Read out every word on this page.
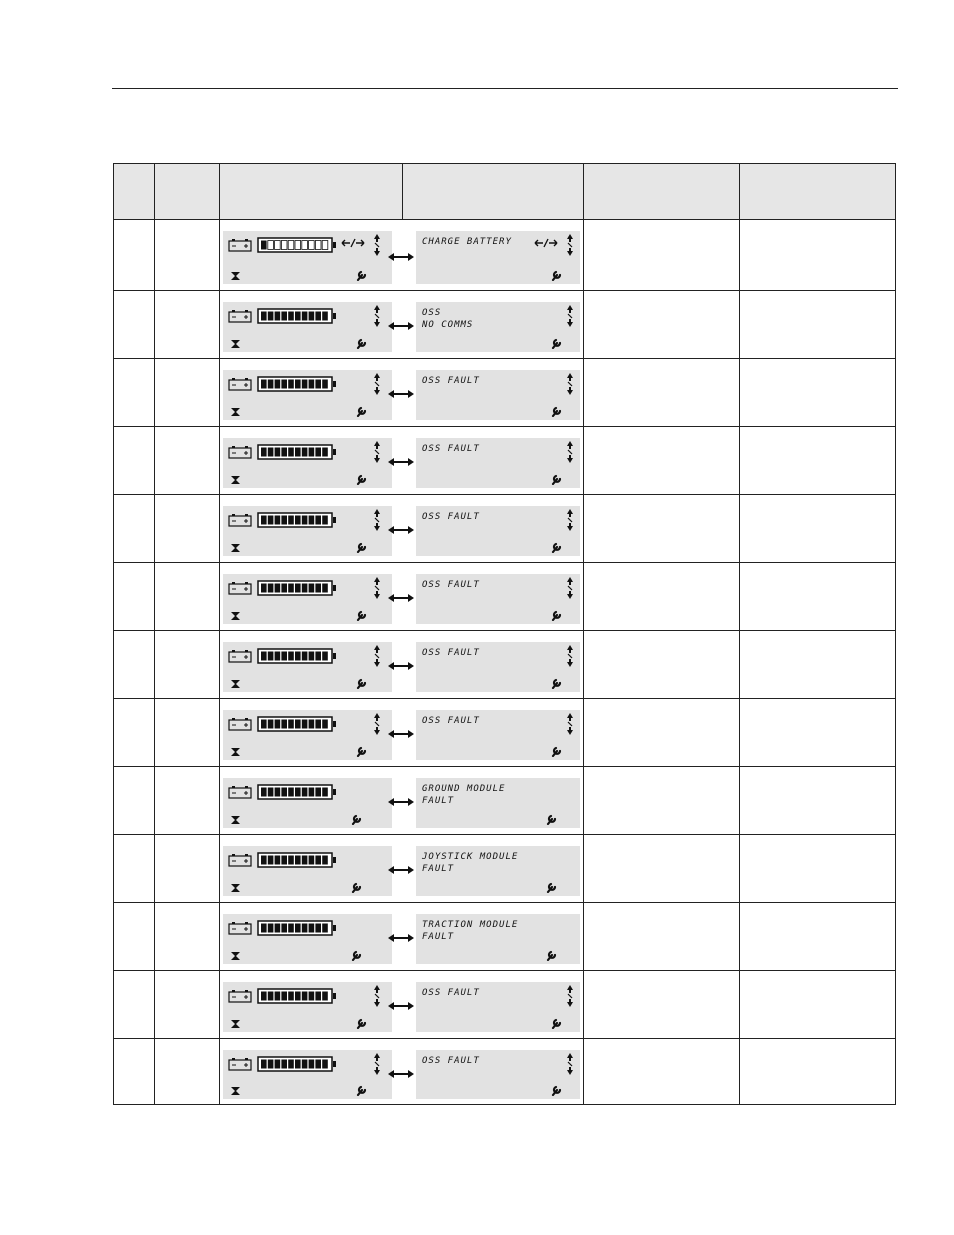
CHARGE BATTERY
OSS
NO COMMS
OSS FAULT
OSS FAULT
OSS FAULT
OSS FAULT
OSS FAULT
OSS FAULT
GROUND MODULE
FAULT
JOYSTICK MODULE
FAULT
TRACTION MODULE
FAULT
OSS FAULT
OSS FAULT
